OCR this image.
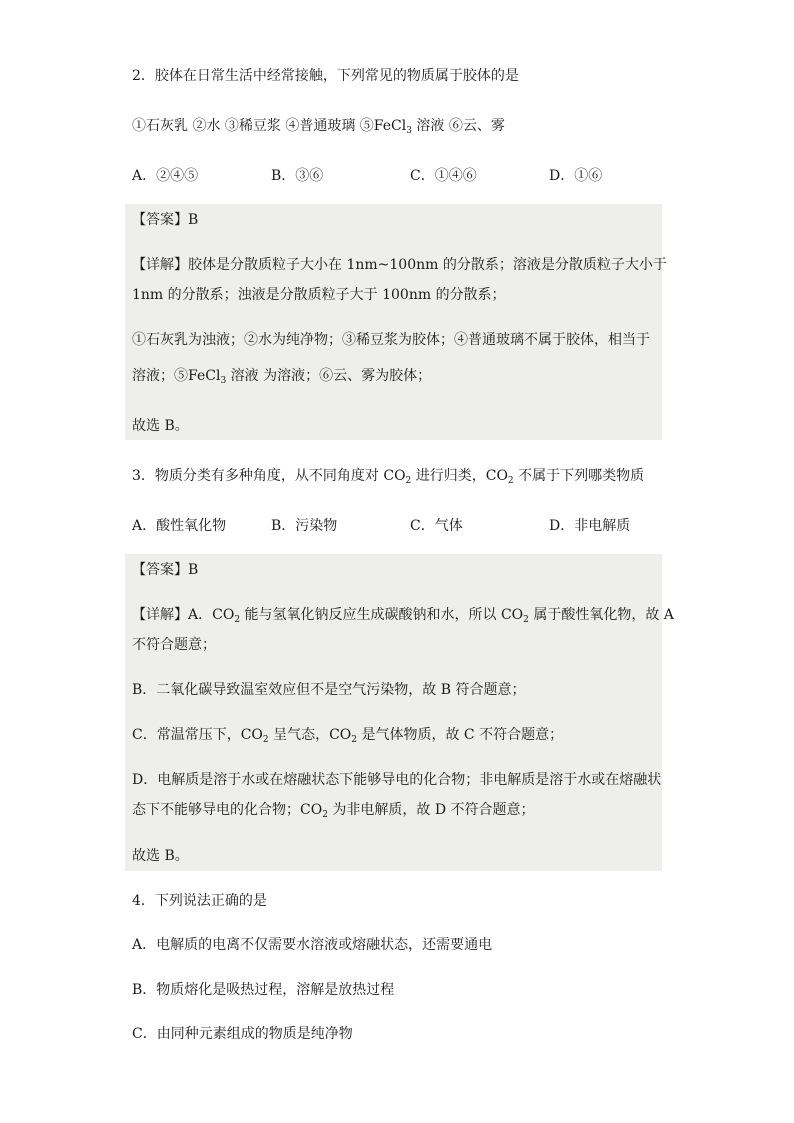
2．胶体在日常生活中经常接触，下列常见的物质属于胶体的是
①石灰乳 ②水 ③稀豆浆 ④普通玻璃 ⑤FeCl$_3$ 溶液 ⑥云、雾
A．②④⑤	B．③⑥	C．①④⑥	D．①⑥
【答案】B
【详解】胶体是分散质粒子大小在 1nm~100nm 的分散系；溶液是分散质粒子大小于
1nm 的分散系；浊液是分散质粒子大于 100nm 的分散系；
①石灰乳为浊液；②水为纯净物；③稀豆浆为胶体；④普通玻璃不属于胶体，相当于
溶液；⑤FeCl$_3$ 溶液 为溶液；⑥云、雾为胶体；
故选 B。
3．物质分类有多种角度，从不同角度对 $CO_2$ 进行归类，$CO_2$ 不属于下列哪类物质
A．酸性氧化物	B．污染物	C．气体	D．非电解质
【答案】B
【详解】A．$CO_2$ 能与氢氧化钠反应生成碳酸钠和水，所以 $CO_2$ 属于酸性氧化物，故 A
不符合题意；
B．二氧化碳导致温室效应但不是空气污染物，故 B 符合题意；
C．常温常压下，$CO_2$ 呈气态，$CO_2$ 是气体物质，故 C 不符合题意；
D．电解质是溶于水或在熔融状态下能够导电的化合物；非电解质是溶于水或在熔融状
态下不能够导电的化合物；$CO_2$ 为非电解质，故 D 不符合题意；
故选 B。
4．下列说法正确的是
A．电解质的电离不仅需要水溶液或熔融状态，还需要通电
B．物质熔化是吸热过程，溶解是放热过程
C．由同种元素组成的物质是纯净物
